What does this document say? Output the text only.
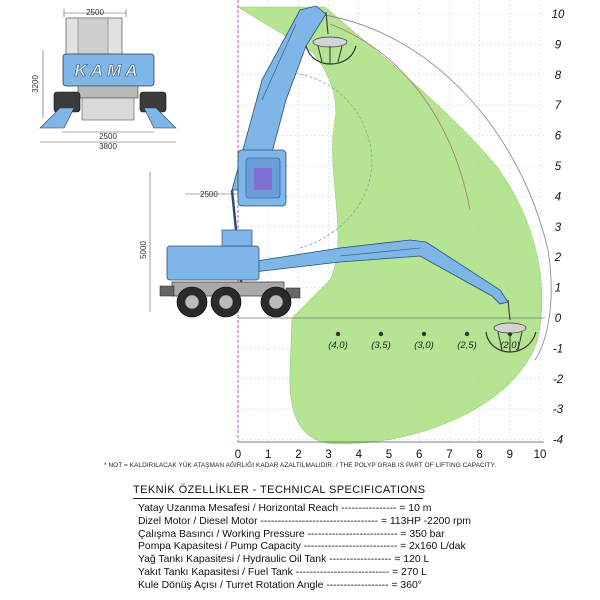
(4,0) (3,5) (3,0) (2,5)
2500
3200
KAMA
2500
3800
2500
5000
10
9
8
7
6
5
4
3
2
1
0
-1
-2
-3
-4
0 1 2 3 4 5 6 7 8 9 10
* NOT = KALDIRILACAK YÜK ATAŞMAN AĞIRLIĞI KADAR AZALTILMALIDIR. / THE POLYP GRAB IS PART OF LIFTING CAPACITY.
TEKNİK ÖZELLİKLER - TECHNICAL SPECIFICATIONS
Yatay Uzanma Mesafesi / Horizontal Reach ---------------- = 10 m
Dizel Motor / Diesel Motor ---------------------------------- = 113HP -2200 rpm
Çalışma Basıncı / Working Pressure -------------------------- = 350 bar
Pompa Kapasitesi / Pump Capacity --------------------------- = 2x160 L/dak
Yağ Tankı Kapasitesi / Hydraulic Oil Tank ------------------ = 120 L
Yakıt Tankı Kapasitesi / Fuel Tank --------------------------- = 270 L
Kule Dönüş Açısı / Turret Rotation Angle ------------------ = 360°
